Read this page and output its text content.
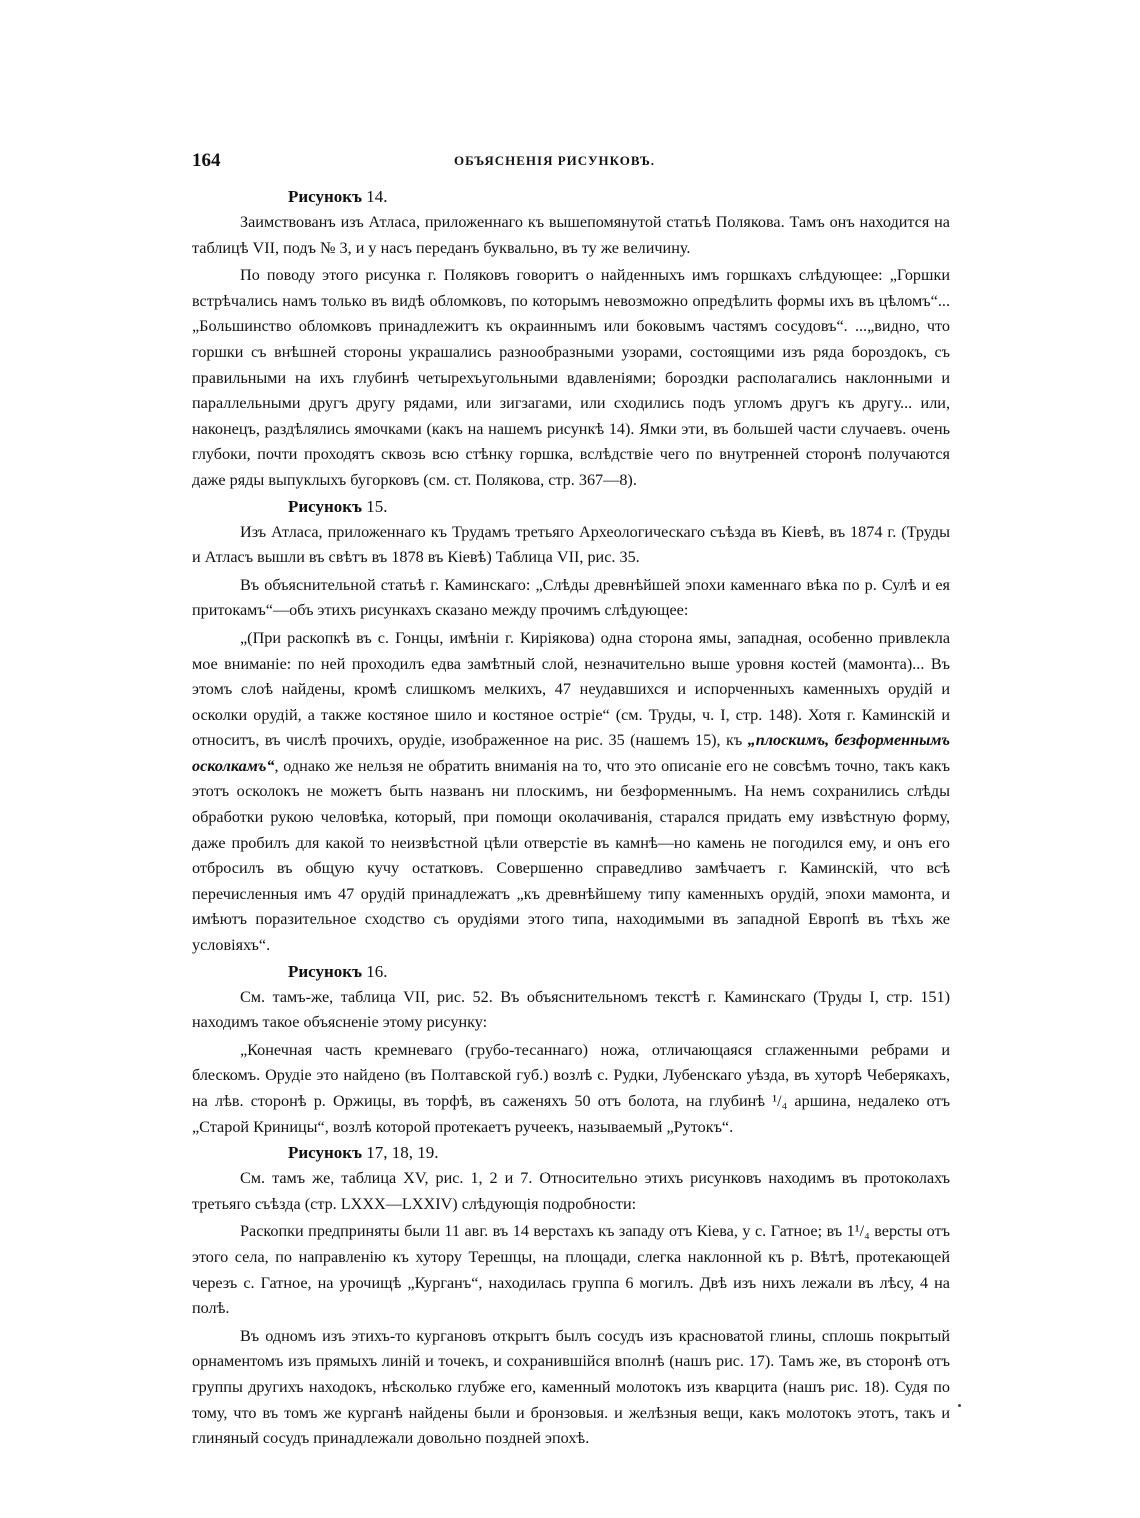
164	ОБЪЯСНЕНІЯ РИСУНКОВЪ.
Рисунокъ 14.

Заимствованъ изъ Атласа, приложеннаго къ вышепомянутой статьѣ Полякова. Тамъ онъ находится на таблицѣ VII, подъ № 3, и у насъ переданъ буквально, въ ту же величину.

По поводу этого рисунка г. Поляковъ говоритъ о найденныхъ имъ горшкахъ слѣдующее: „Горшки встрѣчались намъ только въ видѣ обломковъ, по которымъ невозможно опредѣлить формы ихъ въ цѣломъ“... „Большинство обломковъ принадлежитъ къ окраиннымъ или боковымъ частямъ сосудовъ“. ...„видно, что горшки съ внѣшней стороны украшались разнообразными узорами, состоящими изъ ряда бороздокъ, съ правильными на ихъ глубинѣ четырехъугольными вдавленіями; бороздки располагались наклонными и параллельными другъ другу рядами, или зигзагами, или сходились подъ угломъ другъ къ другу... или, наконецъ, раздѣлялись ямочками (какъ на нашемъ рисункѣ 14). Ямки эти, въ большей части случаевъ. очень глубоки, почти проходятъ сквозь всю стѣнку горшка, вслѣдствіе чего по внутренней сторонѣ получаются даже ряды выпуклыхъ бугорковъ (см. ст. Полякова, стр. 367—8).

Рисунокъ 15.

Изъ Атласа, приложеннаго къ Трудамъ третьяго Археологическаго съѣзда въ Кіевѣ, въ 1874 г. (Труды и Атласъ вышли въ свѣтъ въ 1878 въ Кіевѣ) Таблица VII, рис. 35.

Въ объяснительной статьѣ г. Каминскаго: „Слѣды древнѣйшей эпохи каменнаго вѣка по р. Сулѣ и ея притокамъ“—объ этихъ рисункахъ сказано между прочимъ слѣдующее:

„(При раскопкѣ въ с. Гонцы, имѣніи г. Киріякова) одна сторона ямы, западная, особенно привлекла мое вниманіе: по ней проходилъ едва замѣтный слой, незначительно выше уровня костей (мамонта)... Въ этомъ слоѣ найдены, кромѣ слишкомъ мелкихъ, 47 неудавшихся и испорченныхъ каменныхъ орудій и осколки орудій, а также костяное шило и костяное остріе“ (см. Труды, ч. I, стр. 148). Хотя г. Каминскій и относитъ, въ числѣ прочихъ, орудіе, изображенное на рис. 35 (нашемъ 15), къ „плоскимъ, безформеннымъ осколкамъ“, однако же нельзя не обратить вниманія на то, что это описаніе его не совсѣмъ точно, такъ какъ этотъ осколокъ не можетъ быть названъ ни плоскимъ, ни безформеннымъ. На немъ сохранились слѣды обработки рукою человѣка, который, при помощи околачиванія, старался придать ему извѣстную форму, даже пробилъ для какой то неизвѣстной цѣли отверстіе въ камнѣ—но камень не погодился ему, и онъ его отбросилъ въ общую кучу остатковъ. Совершенно справедливо замѣчаетъ г. Каминскій, что всѣ перечисленныя имъ 47 орудій принадлежатъ „къ древнѣйшему типу каменныхъ орудій, эпохи мамонта, и имѣютъ поразительное сходство съ орудіями этого типа, находимыми въ западной Европѣ въ тѣхъ же условіяхъ“.

Рисунокъ 16.

См. тамъ-же, таблица VII, рис. 52. Въ объяснительномъ текстѣ г. Каминскаго (Труды I, стр. 151) находимъ такое объясненіе этому рисунку:

„Конечная часть кремневаго (грубо-тесаннаго) ножа, отличающаяся сглаженными ребрами и блескомъ. Орудіе это найдено (въ Полтавской губ.) возлѣ с. Рудки, Лубенскаго уѣзда, въ хуторѣ Чеберякахъ, на лѣв. сторонѣ р. Оржицы, въ торфѣ, въ саженяхъ 50 отъ болота, на глубинѣ ¹/₄ аршина, недалеко отъ „Старой Криницы“, возлѣ которой протекаетъ ручеекъ, называемый „Рутокъ“.

Рисунокъ 17, 18, 19.

См. тамъ же, таблица XV, рис. 1, 2 и 7. Относительно этихъ рисунковъ находимъ въ протоколахъ третьяго съѣзда (стр. LXXX—LXXIV) слѣдующія подробности:

Раскопки предприняты были 11 авг. въ 14 верстахъ къ западу отъ Кіева, у с. Гатное; въ 1¹/₄ версты отъ этого села, по направленію къ хутору Терешцы, на площади, слегка наклонной къ р. Вѣтѣ, протекающей черезъ с. Гатное, на урочищѣ „Курганъ“, находилась группа 6 могилъ. Двѣ изъ нихъ лежали въ лѣсу, 4 на полѣ.

Въ одномъ изъ этихъ-то кургановъ открытъ былъ сосудъ изъ красноватой глины, сплошь покрытый орнаментомъ изъ прямыхъ линій и точекъ, и сохранившійся вполнѣ (нашъ рис. 17). Тамъ же, въ сторонѣ отъ группы другихъ находокъ, нѣсколько глубже его, каменный молотокъ изъ кварцита (нашъ рис. 18). Судя по тому, что въ томъ же курганѣ найдены были и бронзовыя. и желѣзныя вещи, какъ молотокъ этотъ, такъ и глиняный сосудъ принадлежали довольно поздней эпохѣ.
